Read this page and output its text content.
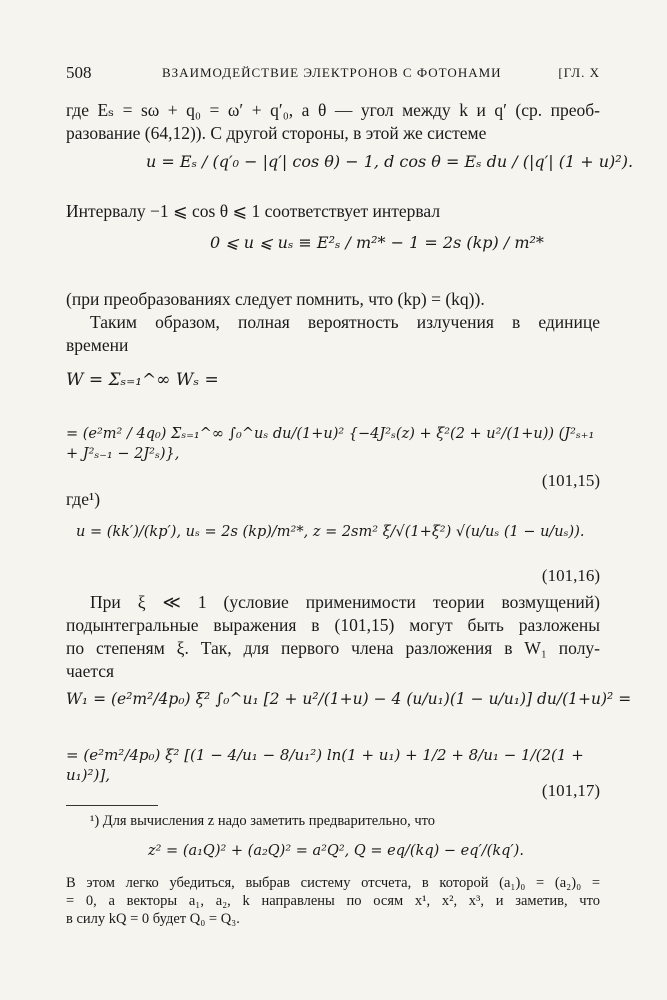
508	ВЗАИМОДЕЙСТВИЕ ЭЛЕКТРОНОВ С ФОТОНАМИ	[ГЛ. X
где Eₛ = sω + q₀ = ω′ + q′₀, а θ — угол между k и q′ (ср. преоб-
разование (64,12)). С другой стороны, в этой же системе
u = Eₛ / (q′₀ − |q′| cos θ) − 1, d cos θ = Eₛ du / (|q′| (1 + u)²).
Интервалу −1 ⩽ cos θ ⩽ 1 соответствует интервал
0 ⩽ u ⩽ uₛ ≡ E²ₛ / m²* − 1 = 2s (kp) / m²*
(при преобразованиях следует помнить, что (kp) = (kq)).
Таким образом, полная вероятность излучения в единице
времени
W = Σₛ₌₁^∞ Wₛ =
= (e²m² / 4q₀) Σₛ₌₁^∞ ∫₀^uₛ du/(1+u)² {−4J²ₛ(z) + ξ²(2 + u²/(1+u)) (J²ₛ₊₁ + J²ₛ₋₁ − 2J²ₛ)},
(101,15)
где¹)
u = (kk′)/(kp′), uₛ = 2s (kp)/m²*, z = 2sm² ξ/√(1+ξ²) √(u/uₛ (1 − u/uₛ)).
(101,16)
При ξ ≪ 1 (условие применимости теории возмущений)
подынтегральные выражения в (101,15) могут быть разложены
по степеням ξ. Так, для первого члена разложения в W₁ полу-
чается
W₁ = (e²m²/4p₀) ξ² ∫₀^u₁ [2 + u²/(1+u) − 4 (u/u₁)(1 − u/u₁)] du/(1+u)² =
= (e²m²/4p₀) ξ² [(1 − 4/u₁ − 8/u₁²) ln(1 + u₁) + 1/2 + 8/u₁ − 1/(2(1 + u₁)²)],
(101,17)
¹) Для вычисления z надо заметить предварительно, что
z² = (a₁Q)² + (a₂Q)² = a²Q², Q = eq/(kq) − eq′/(kq′).
В этом легко убедиться, выбрав систему отсчета, в которой (a₁)₀ = (a₂)₀ =
= 0, а векторы a₁, a₂, k направлены по осям x¹, x², x³, и заметив, что
в силу kQ = 0 будет Q₀ = Q₃.
